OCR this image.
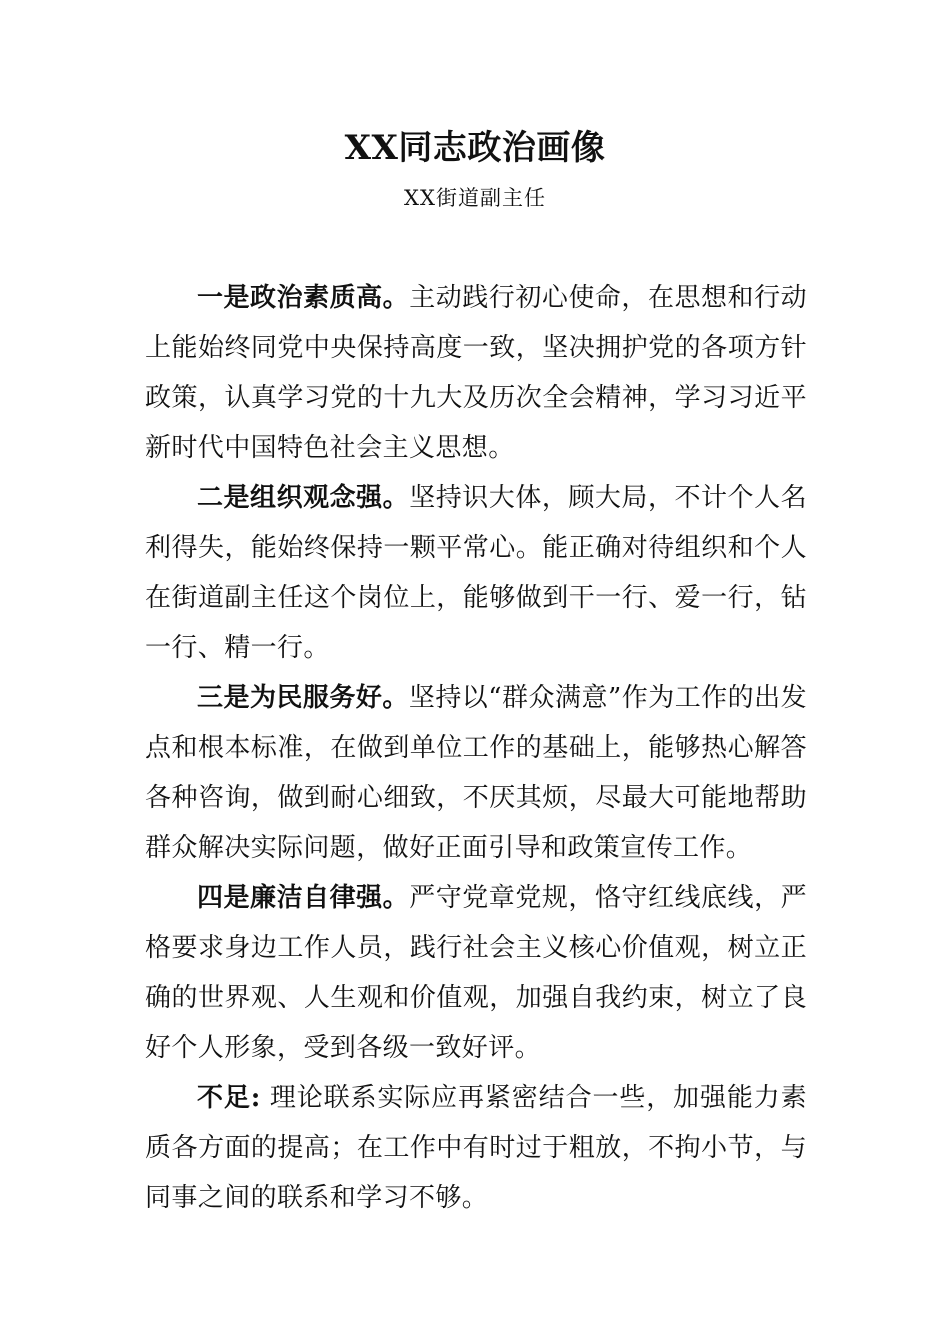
XX同志政治画像
XX街道副主任

一是政治素质高。主动践行初心使命，在思想和行动上能始终同党中央保持高度一致，坚决拥护党的各项方针政策，认真学习党的十九大及历次全会精神，学习习近平新时代中国特色社会主义思想。

二是组织观念强。坚持识大体，顾大局，不计个人名利得失，能始终保持一颗平常心。能正确对待组织和个人在街道副主任这个岗位上，能够做到干一行、爱一行，钻一行、精一行。

三是为民服务好。坚持以“群众满意”作为工作的出发点和根本标准，在做到单位工作的基础上，能够热心解答各种咨询，做到耐心细致，不厌其烦，尽最大可能地帮助群众解决实际问题，做好正面引导和政策宣传工作。

四是廉洁自律强。严守党章党规，恪守红线底线，严格要求身边工作人员，践行社会主义核心价值观，树立正确的世界观、人生观和价值观，加强自我约束，树立了良好个人形象，受到各级一致好评。

不足: 理论联系实际应再紧密结合一些，加强能力素质各方面的提高；在工作中有时过于粗放，不拘小节，与同事之间的联系和学习不够。
